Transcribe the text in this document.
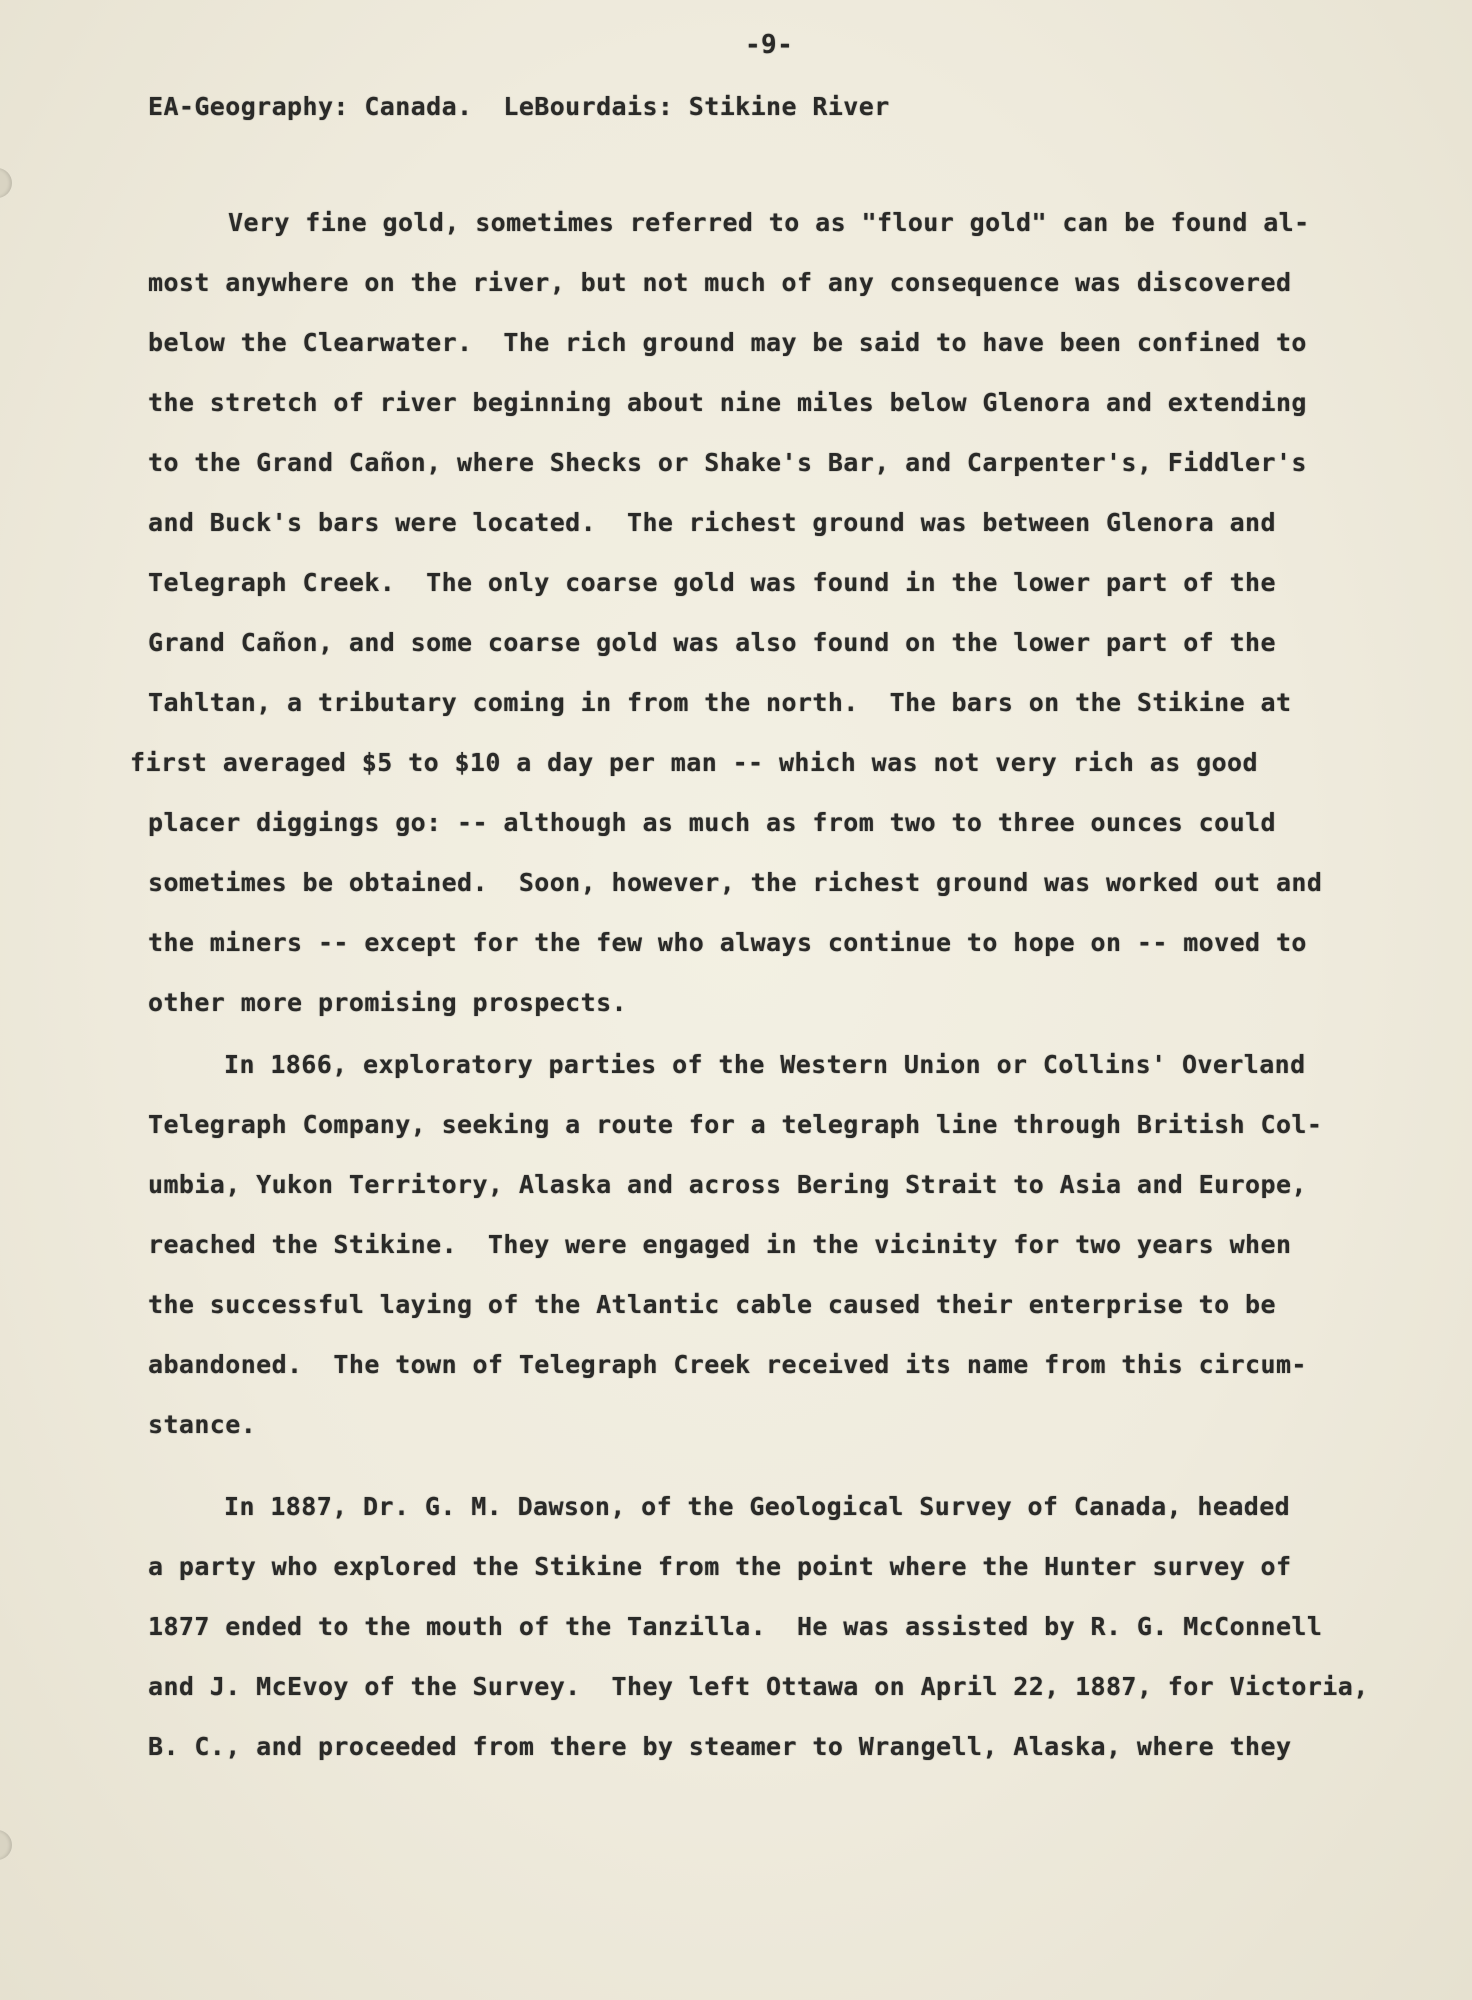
-9-
EA-Geography: Canada.  LeBourdais: Stikine River
Very fine gold, sometimes referred to as "flour gold" can be found al-
most anywhere on the river, but not much of any consequence was discovered
below the Clearwater.  The rich ground may be said to have been confined to
the stretch of river beginning about nine miles below Glenora and extending
to the Grand Cañon, where Shecks or Shake's Bar, and Carpenter's, Fiddler's
and Buck's bars were located.  The richest ground was between Glenora and
Telegraph Creek.  The only coarse gold was found in the lower part of the
Grand Cañon, and some coarse gold was also found on the lower part of the
Tahltan, a tributary coming in from the north.  The bars on the Stikine at
first averaged $5 to $10 a day per man -- which was not very rich as good
placer diggings go: -- although as much as from two to three ounces could
sometimes be obtained.  Soon, however, the richest ground was worked out and
the miners -- except for the few who always continue to hope on -- moved to
other more promising prospects.
In 1866, exploratory parties of the Western Union or Collins' Overland
Telegraph Company, seeking a route for a telegraph line through British Col-
umbia, Yukon Territory, Alaska and across Bering Strait to Asia and Europe,
reached the Stikine.  They were engaged in the vicinity for two years when
the successful laying of the Atlantic cable caused their enterprise to be
abandoned.  The town of Telegraph Creek received its name from this circum-
stance.
In 1887, Dr. G. M. Dawson, of the Geological Survey of Canada, headed
a party who explored the Stikine from the point where the Hunter survey of
1877 ended to the mouth of the Tanzilla.  He was assisted by R. G. McConnell
and J. McEvoy of the Survey.  They left Ottawa on April 22, 1887, for Victoria,
B. C., and proceeded from there by steamer to Wrangell, Alaska, where they
